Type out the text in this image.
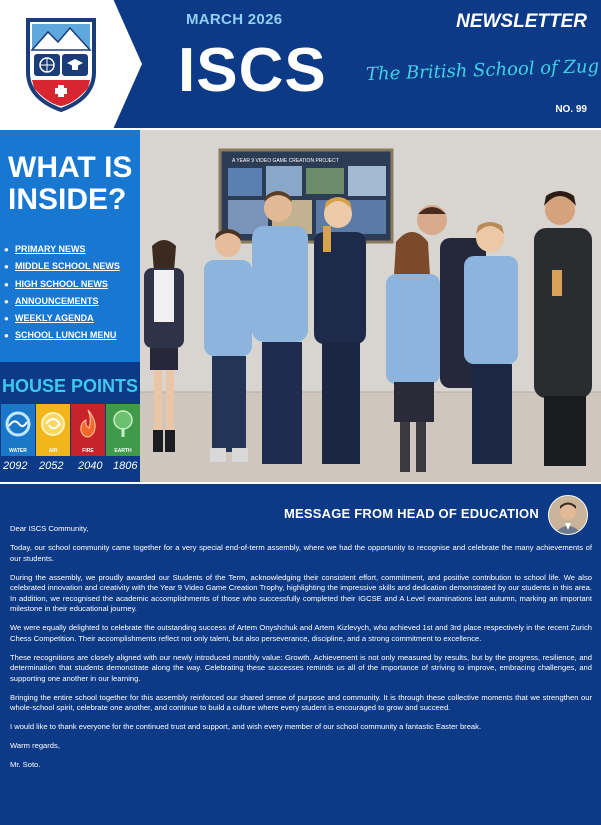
MARCH 2026
ISCS The British School of Zug
NEWSLETTER
NO. 99
WHAT IS
INSIDE?
● PRIMARY NEWS
● MIDDLE SCHOOL NEWS
● HIGH SCHOOL NEWS
● ANNOUNCEMENTS
● WEEKLY AGENDA
● SCHOOL LUNCH MENU
HOUSE POINTS
WATER	AIR	FIRE	EARTH
2092 2052 2040 1806
A YEAR 9 VIDEO GAME CREATION PROJECT
MESSAGE FROM HEAD OF EDUCATION

Dear ISCS Community,

Today, our school community came together for a very special end-of-term assembly, where we had the opportunity to recognise and celebrate the many achievements of our students.

During the assembly, we proudly awarded our Students of the Term, acknowledging their consistent effort, commitment, and positive contribution to school life. We also celebrated innovation and creativity with the Year 9 Video Game Creation Trophy, highlighting the impressive skills and dedication demonstrated by our students in this area. In addition, we recognised the academic accomplishments of those who successfully completed their IGCSE and A Level examinations last autumn, marking an important milestone in their educational journey.

We were equally delighted to celebrate the outstanding success of Artem Onyshchuk and Artem Kizlevych, who achieved 1st and 3rd place respectively in the recent Zurich Chess Competition. Their accomplishments reflect not only talent, but also perseverance, discipline, and a strong commitment to excellence.

These recognitions are closely aligned with our newly introduced monthly value: Growth. Achievement is not only measured by results, but by the progress, resilience, and determination that students demonstrate along the way. Celebrating these successes reminds us all of the importance of striving to improve, embracing challenges, and supporting one another in our learning.

Bringing the entire school together for this assembly reinforced our shared sense of purpose and community. It is through these collective moments that we strengthen our whole-school spirit, celebrate one another, and continue to build a culture where every student is encouraged to grow and succeed.

I would like to thank everyone for the continued trust and support, and wish every member of our school community a fantastic Easter break.

Warm regards,

Mr. Soto.
